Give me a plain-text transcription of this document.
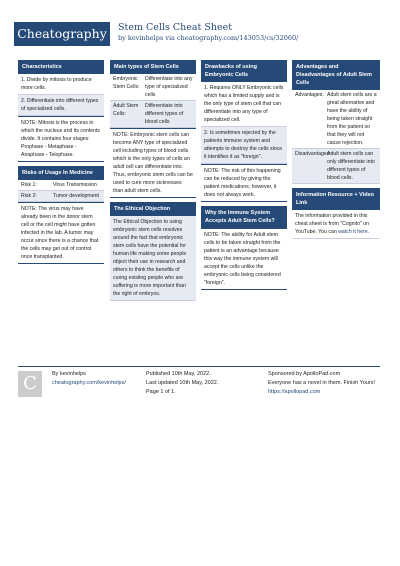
Cheatography	Stem Cells Cheat Sheet
by kevinhelps via cheatography.com/143053/cs/32060/
Characteristics
1. Divide by mitosis to produce more cells.
2. Differentiate into different types of specialized cells.
NOTE: Mitosis is the process in which the nucleus and its contents divide. It contains four stages: Prophase - Metaphase - Anaphase - Telophase.
Risks of Usage In Medicine
Risk 1:	Virus Transmission
Risk 2:	Tumor development
NOTE: The virus may have already been in the donor stem cell or the cell might have gotten infected in the lab. A tumor may occur since there is a chance that the cells may get out of control once transplanted.
Main types of Stem Cells
Embryonic Stem Cells:
Differentiate into any type of specialized cells
Adult Stem Cells:
Differentiate into different types of blood cells
NOTE: Embryonic stem cells can become ANY type of specialized cell including types of blood cells which is the only types of cells an adult cell can differentiate into. Thus, embryonic stem cells can be used to cure more sicknesses than adult stem cells.
The Ethical Objection
The Ethical Objection to using embryonic stem cells resolves around the fact that embryonic stem cells have the potential for human life making some people object their use in research and others to think the benefits of curing existing people who are suffering is more important than the right of embryos.
Drawbacks of using Embryonic Cells
1. Requires ONLY Embryonic cells which has a limited supply and is the only type of stem cell that can differentiate into any type of specialized cell.
2. Is sometimes rejected by the patients immune system and attempts to destroy the cells since it identifies it as "foreign".
NOTE: The risk of this happening can be reduced by giving the patient medications; however, it does not always work.
Why the Immune System Accepts Adult Stem Cells?
NOTE: The ability for Adult stem cells to be taken straight from the patient is an advantage because this way the immune system will accept the cells unlike the embryonic cells being considered "foreign".
Advantages and Disadvantages of Adult Stem Cells
Advantages: Adult stem cells are a great alternative and have the ability of being taken straight from the patient so that they will not cause rejection.
Disadvantages:
Adult stem cells can only differentiate into different types of blood cells.
Information Resource + Video Link
The information provided in this cheat sheet is from "Cognito" on YouTube. You can watch it here.
C	By kevinhelps
cheatography.com/kevinhelps/
Published 10th May, 2022.
Last updated 10th May, 2022.
Page 1 of 1.
Sponsored by ApolloPad.com
Everyone has a novel in them. Finish Yours!
https://apollopad.com
